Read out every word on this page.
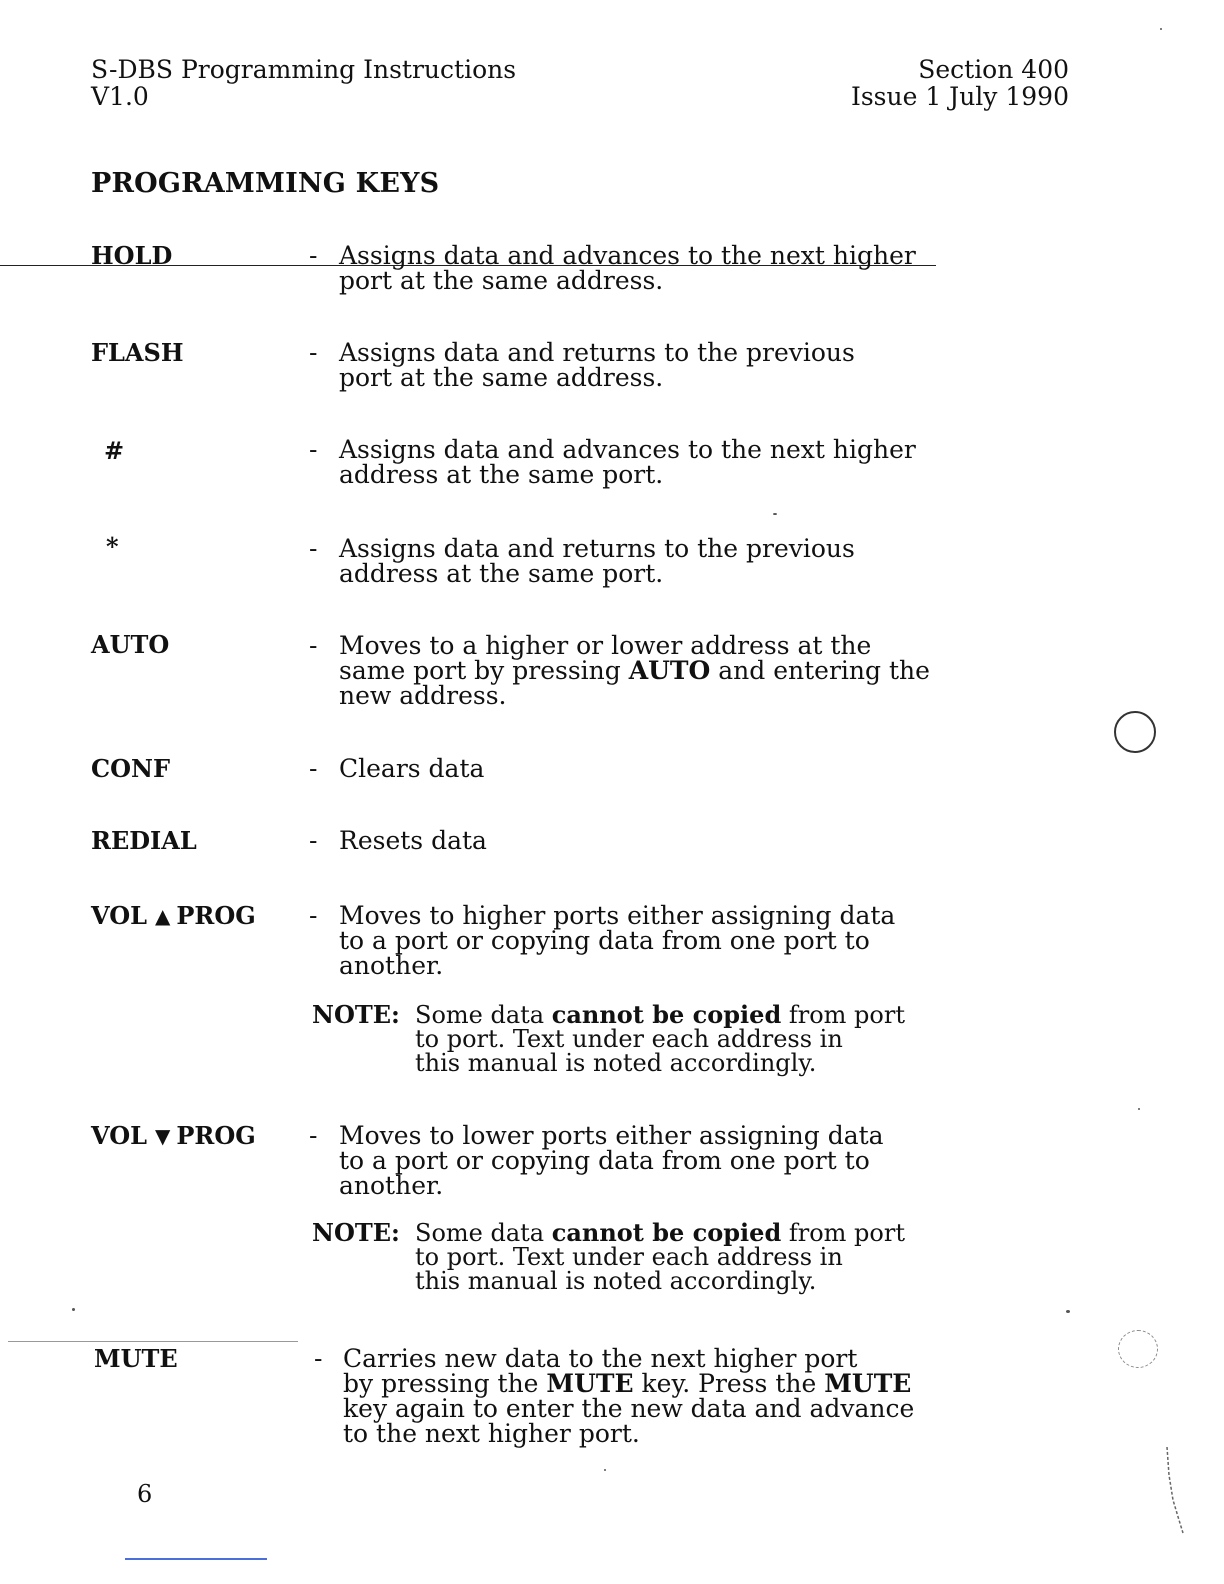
S-DBS Programming Instructions
V1.0
Section 400
Issue 1 July 1990
PROGRAMMING KEYS
HOLD	- Assigns data and advances to the next higher
port at the same address.
FLASH	- Assigns data and returns to the previous
port at the same address.
#	- Assigns data and advances to the next higher
address at the same port.
*	- Assigns data and returns to the previous
address at the same port.
AUTO	- Moves to a higher or lower address at the
same port by pressing AUTO and entering the
new address.
CONF	- Clears data
REDIAL	- Resets data
VOL ▲ PROG - Moves to higher ports either assigning data
to a port or copying data from one port to
another.
NOTE: Some data cannot be copied from port
to port. Text under each address in
this manual is noted accordingly.
VOL ▼ PROG - Moves to lower ports either assigning data
to a port or copying data from one port to
another.
NOTE: Some data cannot be copied from port
to port. Text under each address in
this manual is noted accordingly.
MUTE	- Carries new data to the next higher port
by pressing the MUTE key. Press the MUTE
key again to enter the new data and advance
to the next higher port.
6
